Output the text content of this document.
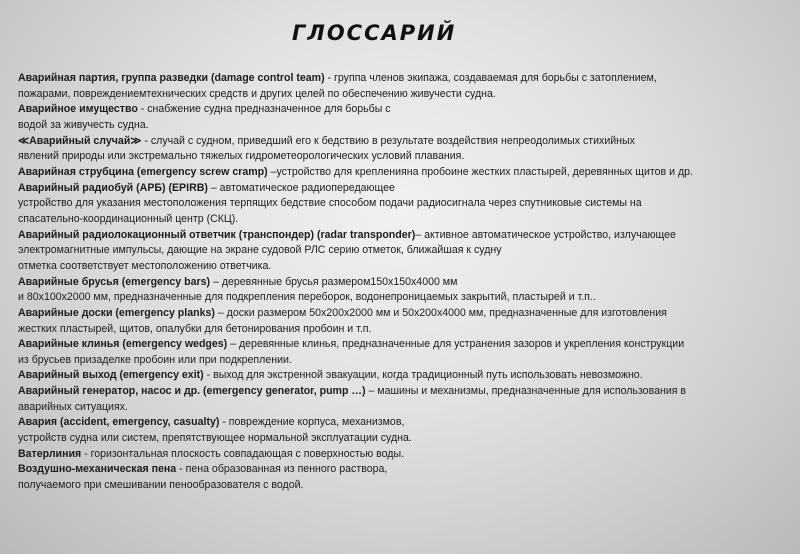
ГЛОССАРИЙ
Аварийная партия, группа разведки (damage control team) - группа членов экипажа, создаваемая для борьбы с затоплением,
пожарами, повреждениемтехнических средств и других целей по обеспечению живучести судна.
Аварийное имущество - снабжение судна предназначенное для борьбы с
водой за живучесть судна.
≪Аварийный случай≫ - случай с судном, приведший его к бедствию в результате воздействия непреодолимых стихийных
явлений природы или экстремально тяжелых гидрометеорологических условий плавания.
Аварийная струбцина (emergency screw cramp) –устройство для крепленияна пробоине жестких пластырей, деревянных щитов и др.
Аварийный радиобуй (АРБ) (EPIRB) – автоматическое радиопередающее
устройство для указания местоположения терпящих бедствие способом подачи радиосигнала через спутниковые системы на
спасательно-координационный центр (СКЦ).
Аварийный радиолокационный ответчик (транспондер) (radar transponder)– активное автоматическое устройство, излучающее
электромагнитные импульсы, дающие на экране судовой РЛС серию отметок, ближайшая к судну
отметка соответствует местоположению ответчика.
Аварийные брусья (emergency bars) – деревянные брусья размером150x150x4000 мм
и 80x100x2000 мм, предназначенные для подкрепления переборок, водонепроницаемых закрытий, пластырей и т.п..
Аварийные доски (emergency planks) – доски размером 50x200x2000 мм и 50x200x4000 мм, предназначенные для изготовления
жестких пластырей, щитов, опалубки для бетонирования пробоин и т.п.
Аварийные клинья (emergency wedges) – деревянные клинья, предназначенные для устранения зазоров и укрепления конструкции
из брусьев призаделке пробоин или при подкреплении.
Аварийный выход (emergency exit) - выход для экстренной эвакуации, когда традиционный путь использовать невозможно.
Аварийный генератор, насос и др. (emergency generator, pump …) – машины и механизмы, предназначенные для использования в
аварийных ситуациях.
Авария (accident, emergency, casualty) - повреждение корпуса, механизмов,
устройств судна или систем, препятствующее нормальной эксплуатации судна.
Ватерлиния - горизонтальная плоскость совпадающая с поверхностью воды.
Воздушно-механическая пена - пена образованная из пенного раствора,
получаемого при смешивании пенообразователя с водой.
